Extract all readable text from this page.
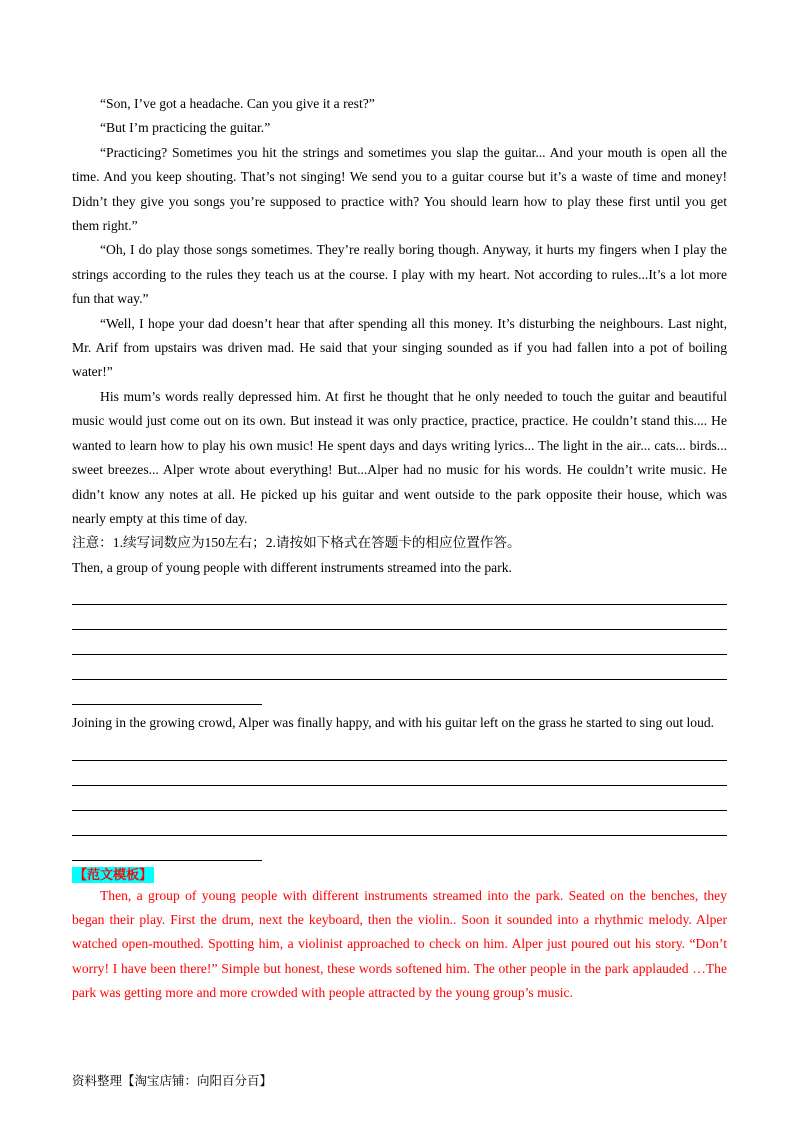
“Son, I’ve got a headache. Can you give it a rest?”

“But I’m practicing the guitar.”

“Practicing? Sometimes you hit the strings and sometimes you slap the guitar... And your mouth is open all the time. And you keep shouting. That’s not singing! We send you to a guitar course but it’s a waste of time and money! Didn’t they give you songs you’re supposed to practice with? You should learn how to play these first until you get them right.”

“Oh, I do play those songs sometimes. They’re really boring though. Anyway, it hurts my fingers when I play the strings according to the rules they teach us at the course. I play with my heart. Not according to rules...It’s a lot more fun that way.”

“Well, I hope your dad doesn’t hear that after spending all this money. It’s disturbing the neighbours. Last night, Mr. Arif from upstairs was driven mad. He said that your singing sounded as if you had fallen into a pot of boiling water!”

His mum’s words really depressed him. At first he thought that he only needed to touch the guitar and beautiful music would just come out on its own. But instead it was only practice, practice, practice. He couldn’t stand this.... He wanted to learn how to play his own music! He spent days and days writing lyrics... The light in the air... cats... birds... sweet breezes... Alper wrote about everything! But...Alper had no music for his words. He couldn’t write music. He didn’t know any notes at all. He picked up his guitar and went outside to the park opposite their house, which was nearly empty at this time of day.

注意：1.续写词数应为150左右；2.请按如下格式在答题卡的相应位置作答。

Then, a group of young people with different instruments streamed into the park.

Joining in the growing crowd, Alper was finally happy, and with his guitar left on the grass he started to sing out loud.

【范文模板】

Then, a group of young people with different instruments streamed into the park. Seated on the benches, they began their play. First the drum, next the keyboard, then the violin.. Soon it sounded into a rhythmic melody. Alper watched open-mouthed. Spotting him, a violinist approached to check on him. Alper just poured out his story. “Don’t worry! I have been there!” Simple but honest, these words softened him. The other people in the park applauded …The park was getting more and more crowded with people attracted by the young group’s music.

资料整理【淘宝店铺：向阳百分百】
